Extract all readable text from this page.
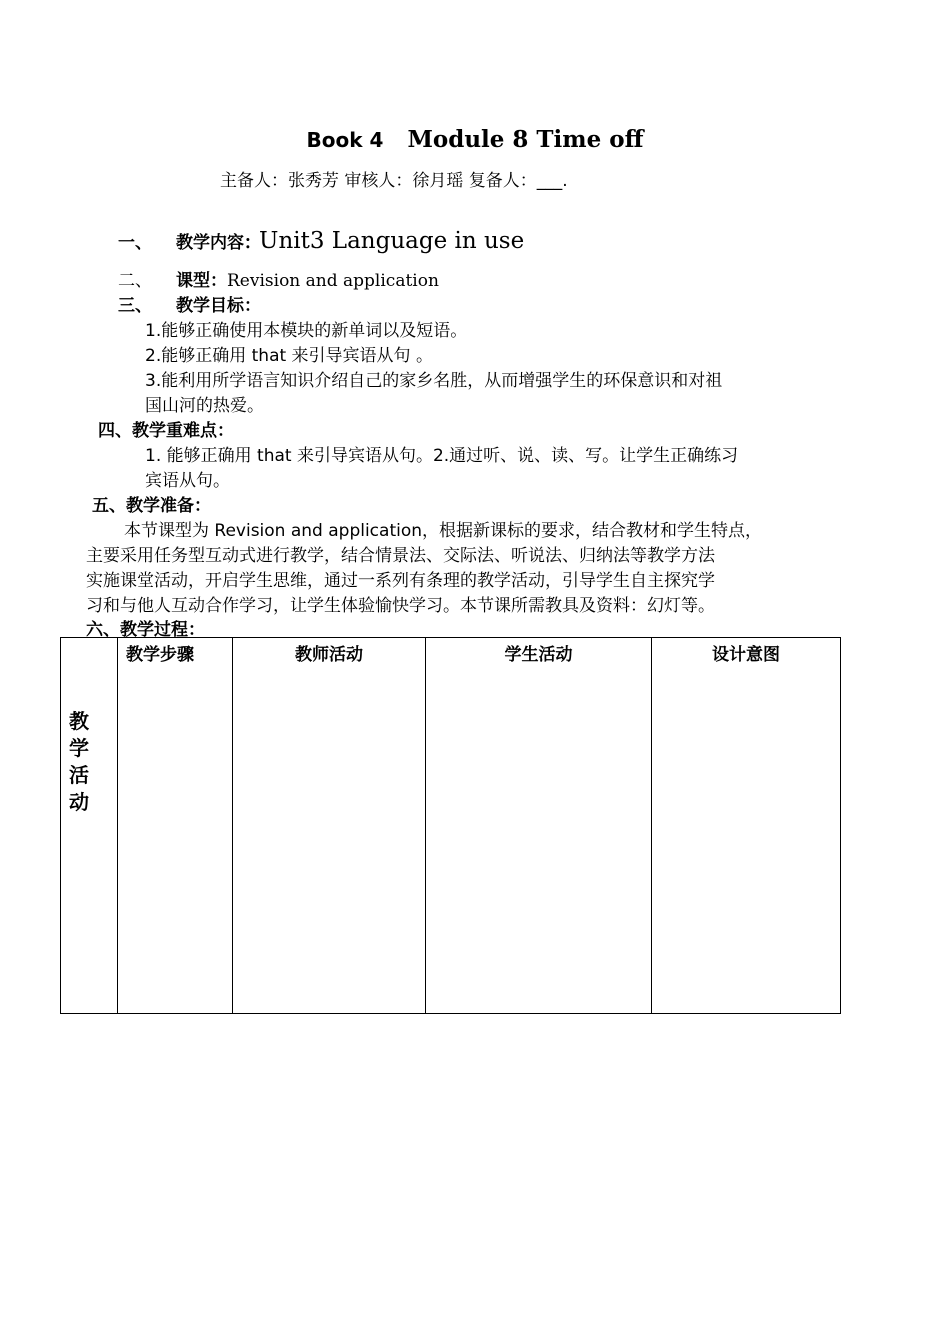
Book 4 Module 8 Time off
主备人：张秀芳 审核人：徐月瑶 复备人：___.
一、 教学内容: Unit3 Language in use
二、 课型：Revision and application
三、 教学目标：
1.能够正确使用本模块的新单词以及短语。
2.能够正确用 that 来引导宾语从句 。
3.能利用所学语言知识介绍自己的家乡名胜，从而增强学生的环保意识和对祖
国山河的热爱。
四、教学重难点：
1. 能够正确用 that 来引导宾语从句。2.通过听、说、读、写。让学生正确练习
宾语从句。
五、教学准备：
本节课型为 Revision and application，根据新课标的要求，结合教材和学生特点，
主要采用任务型互动式进行教学，结合情景法、交际法、听说法、归纳法等教学方法
实施课堂活动，开启学生思维，通过一系列有条理的教学活动，引导学生自主探究学
习和与他人互动合作学习，让学生体验愉快学习。本节课所需教具及资料：幻灯等。
六、教学过程：
教学活动

教学步骤	教师活动	学生活动	设计意图
